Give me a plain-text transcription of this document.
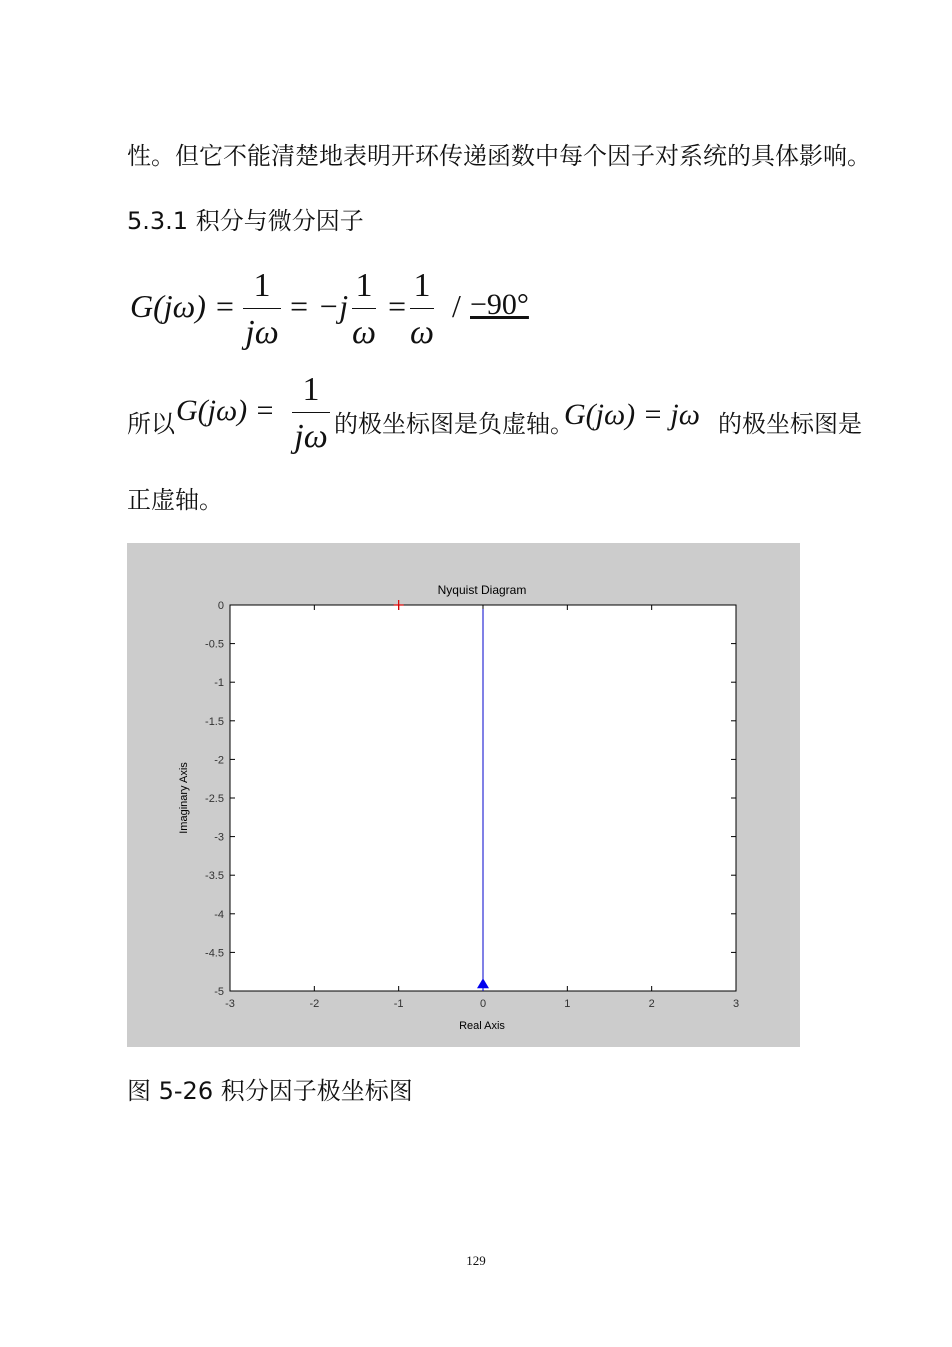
性。但它不能清楚地表明开环传递函数中每个因子对系统的具体影响。
5.3.1 积分与微分因子
G(jω) =
1
jω
= −j
1
ω
=
1
ω
/ −90°
所以 G(jω) =
1
jω 的极坐标图是负虚轴。
G(jω) = jω 的极坐标图是
正虚轴。
Nyquist Diagram
Real Axis
Imaginary Axis
-3	-2	-1	0	1	2	3
0
-0.5
-1
-1.5
-2
-2.5
-3
-3.5
-4
-4.5
-5
图 5-26 积分因子极坐标图
129
